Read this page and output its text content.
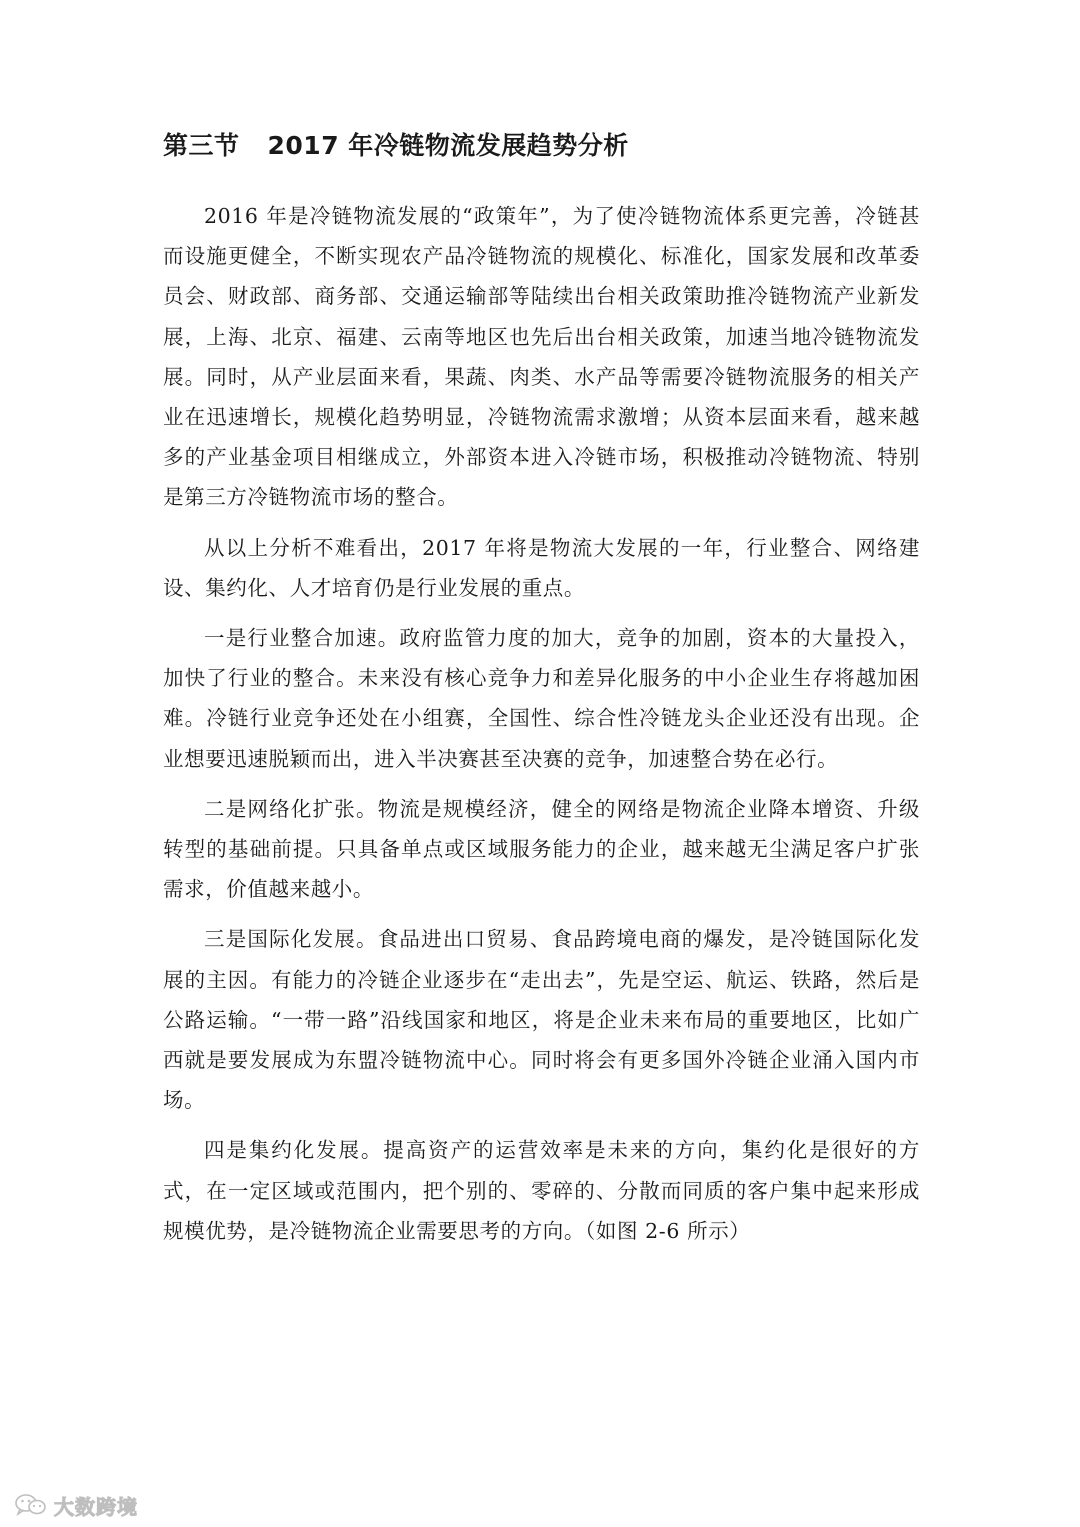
第三节 2017 年冷链物流发展趋势分析

2016 年是冷链物流发展的“政策年”，为了使冷链物流体系更完善，冷链甚而设施更健全，不断实现农产品冷链物流的规模化、标准化，国家发展和改革委员会、财政部、商务部、交通运输部等陆续出台相关政策助推冷链物流产业新发展，上海、北京、福建、云南等地区也先后出台相关政策，加速当地冷链物流发展。同时，从产业层面来看，果蔬、肉类、水产品等需要冷链物流服务的相关产业在迅速增长，规模化趋势明显，冷链物流需求激增；从资本层面来看，越来越多的产业基金项目相继成立，外部资本进入冷链市场，积极推动冷链物流、特别是第三方冷链物流市场的整合。

从以上分析不难看出，2017 年将是物流大发展的一年，行业整合、网络建设、集约化、人才培育仍是行业发展的重点。

一是行业整合加速。政府监管力度的加大，竞争的加剧，资本的大量投入，加快了行业的整合。未来没有核心竞争力和差异化服务的中小企业生存将越加困难。冷链行业竞争还处在小组赛，全国性、综合性冷链龙头企业还没有出现。企业想要迅速脱颖而出，进入半决赛甚至决赛的竞争，加速整合势在必行。

二是网络化扩张。物流是规模经济，健全的网络是物流企业降本增资、升级转型的基础前提。只具备单点或区域服务能力的企业，越来越无尘满足客户扩张需求，价值越来越小。

三是国际化发展。食品进出口贸易、食品跨境电商的爆发，是冷链国际化发展的主因。有能力的冷链企业逐步在“走出去”，先是空运、航运、铁路，然后是公路运输。“一带一路”沿线国家和地区，将是企业未来布局的重要地区，比如广西就是要发展成为东盟冷链物流中心。同时将会有更多国外冷链企业涌入国内市场。

四是集约化发展。提高资产的运营效率是未来的方向，集约化是很好的方式，在一定区域或范围内，把个别的、零碎的、分散而同质的客户集中起来形成规模优势，是冷链物流企业需要思考的方向。（如图 2-6 所示）

大数跨境
